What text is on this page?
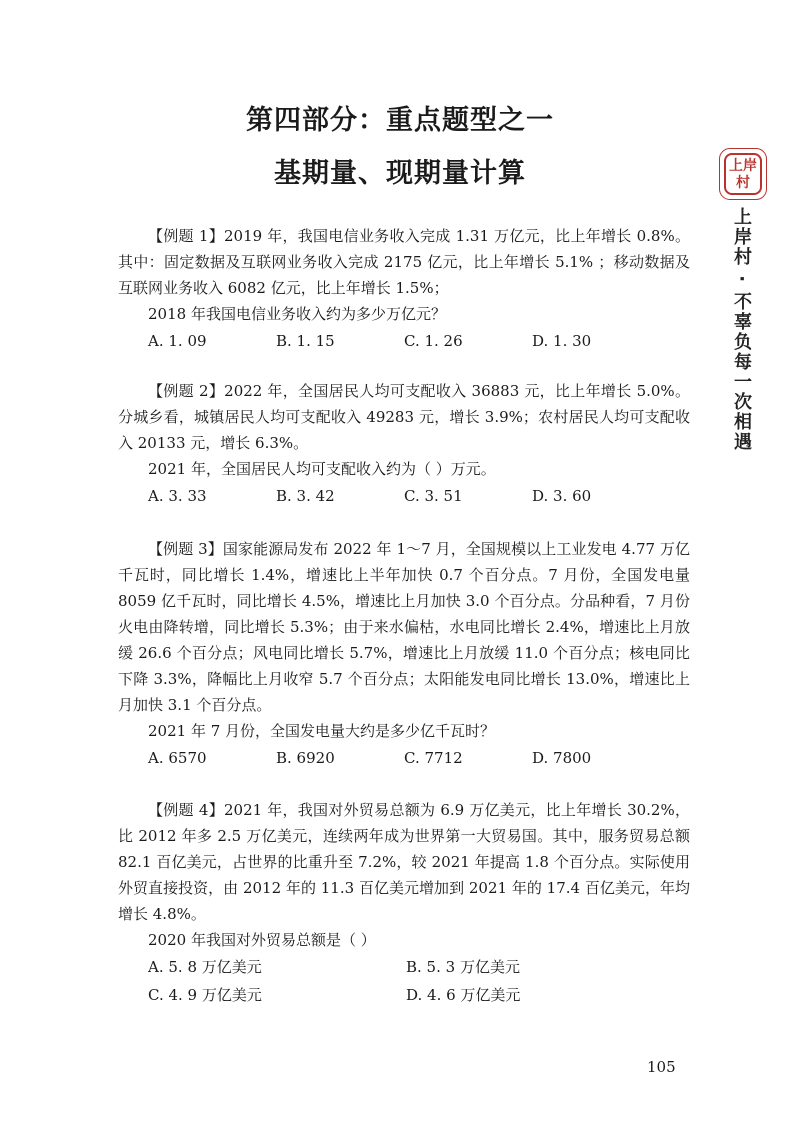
第四部分：重点题型之一
基期量、现期量计算	上岸
村
上岸村 · 不辜负每一次相遇

【例题 1】2019 年，我国电信业务收入完成 1.31 万亿元，比上年增长 0.8%。其中：固定数据及互联网业务收入完成 2175 亿元，比上年增长 5.1% ；移动数据及互联网业务收入 6082 亿元，比上年增长 1.5%；

2018 年我国电信业务收入约为多少万亿元？

A. 1. 09	B. 1. 15	C. 1. 26	D. 1. 30

【例题 2】2022 年，全国居民人均可支配收入 36883 元，比上年增长 5.0%。分城乡看，城镇居民人均可支配收入 49283 元，增长 3.9%；农村居民人均可支配收入 20133 元，增长 6.3%。

2021 年，全国居民人均可支配收入约为（ ）万元。

A. 3. 33	B. 3. 42	C. 3. 51	D. 3. 60

【例题 3】国家能源局发布 2022 年 1～7 月，全国规模以上工业发电 4.77 万亿千瓦时，同比增长 1.4%，增速比上半年加快 0.7 个百分点。7 月份，全国发电量 8059 亿千瓦时，同比增长 4.5%，增速比上月加快 3.0 个百分点。分品种看，7 月份火电由降转增，同比增长 5.3%；由于来水偏枯，水电同比增长 2.4%，增速比上月放缓 26.6 个百分点；风电同比增长 5.7%，增速比上月放缓 11.0 个百分点；核电同比下降 3.3%，降幅比上月收窄 5.7 个百分点；太阳能发电同比增长 13.0%，增速比上月加快 3.1 个百分点。

2021 年 7 月份，全国发电量大约是多少亿千瓦时？

A. 6570	B. 6920	C. 7712	D. 7800

【例题 4】2021 年，我国对外贸易总额为 6.9 万亿美元，比上年增长 30.2%，比 2012 年多 2.5 万亿美元，连续两年成为世界第一大贸易国。其中，服务贸易总额 82.1 百亿美元，占世界的比重升至 7.2%，较 2021 年提高 1.8 个百分点。实际使用外贸直接投资，由 2012 年的 11.3 百亿美元增加到 2021 年的 17.4 百亿美元，年均增长 4.8%。

2020 年我国对外贸易总额是（ ）

A. 5. 8 万亿美元	B. 5. 3 万亿美元
C. 4. 9 万亿美元	D. 4. 6 万亿美元
105
